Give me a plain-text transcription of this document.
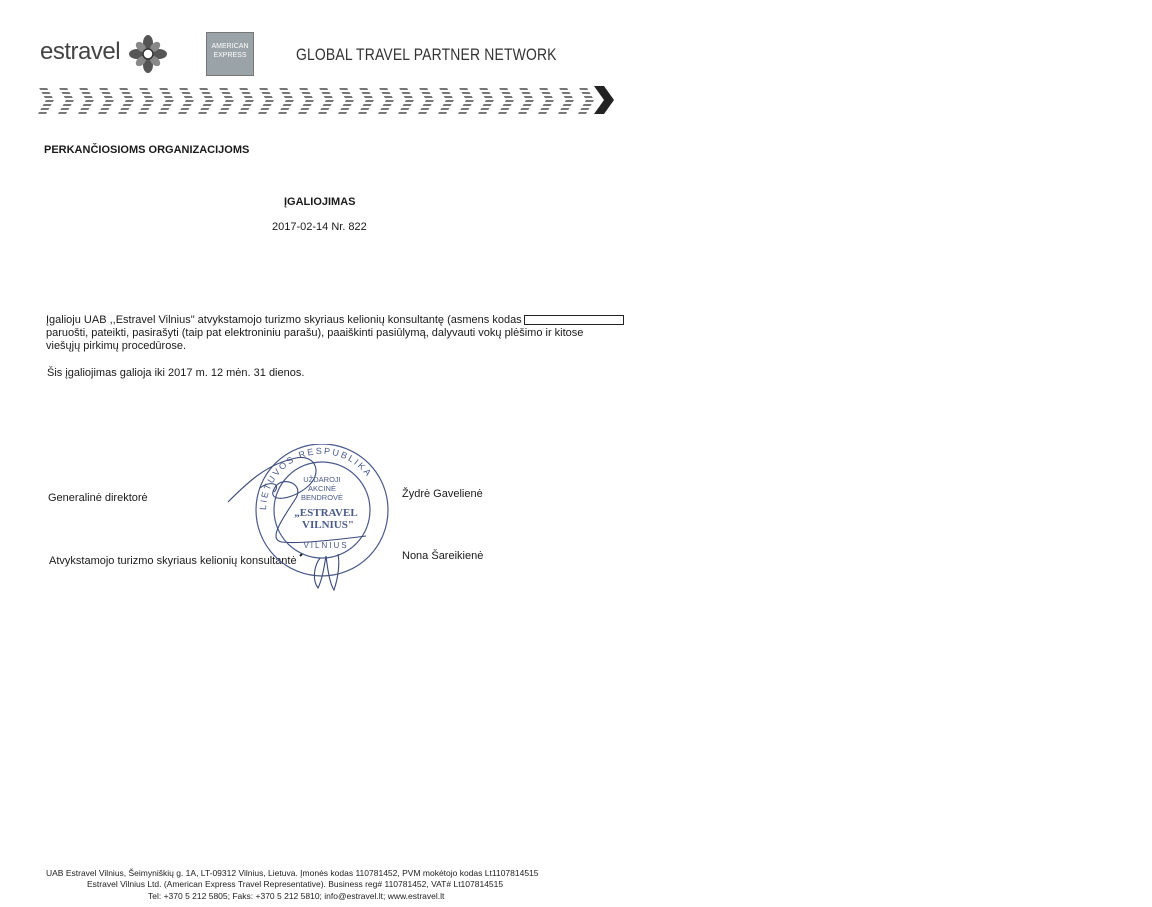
estravel	AMERICAN EXPRESS	GLOBAL TRAVEL PARTNER NETWORK
PERKANČIOSIOMS ORGANIZACIJOMS
ĮGALIOJIMAS
2017-02-14 Nr. 822
Įgalioju UAB ,,Estravel Vilnius" atvykstamojo turizmo skyriaus kelionių konsultantę (asmens kodas
paruošti, pateikti, pasirašyti (taip pat elektroniniu parašu), paaiškinti pasiūlymą, dalyvauti vokų plėšimo ir kitose
viešųjų pirkimų procedūrose.
Šis įgaliojimas galioja iki 2017 m. 12 mėn. 31 dienos.
Generalinė direktorė	Žydrė Gavelienė
Atvykstamojo turizmo skyriaus kelionių konsultantė	Nona Šareikienė
LIETUVOS RESPUBLIKA
UŽDAROJI
AKCINĖ
BENDROVĖ
„ESTRAVEL
VILNIUS"
VILNIUS
UAB Estravel Vilnius, Šeimyniškių g. 1A, LT-09312 Vilnius, Lietuva. Įmonės kodas 110781452, PVM mokėtojo kodas Lt1107814515
Estravel Vilnius Ltd. (American Express Travel Representative). Business reg# 110781452, VAT# Lt107814515
Tel: +370 5 212 5805; Faks: +370 5 212 5810; info@estravel.lt; www.estravel.lt
